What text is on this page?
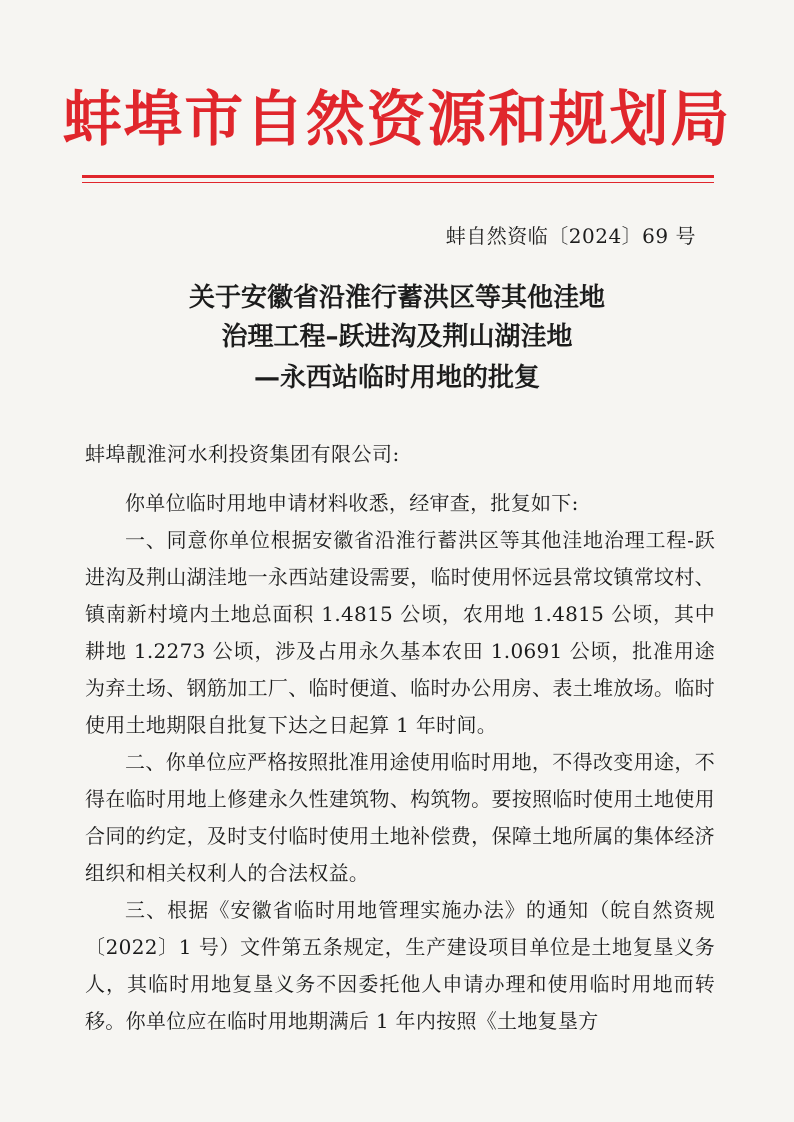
蚌埠市自然资源和规划局
蚌自然资临〔2024〕69 号
关于安徽省沿淮行蓄洪区等其他洼地
治理工程–跃进沟及荆山湖洼地
—永西站临时用地的批复
蚌埠靓淮河水利投资集团有限公司:

你单位临时用地申请材料收悉，经审查，批复如下:

一、同意你单位根据安徽省沿淮行蓄洪区等其他洼地治理工程-跃进沟及荆山湖洼地一永西站建设需要，临时使用怀远县常坟镇常坟村、镇南新村境内土地总面积 1.4815 公顷，农用地 1.4815 公顷，其中耕地 1.2273 公顷，涉及占用永久基本农田 1.0691 公顷，批准用途为弃土场、钢筋加工厂、临时便道、临时办公用房、表土堆放场。临时使用土地期限自批复下达之日起算 1 年时间。

二、你单位应严格按照批准用途使用临时用地，不得改变用途，不得在临时用地上修建永久性建筑物、构筑物。要按照临时使用土地使用合同的约定，及时支付临时使用土地补偿费，保障土地所属的集体经济组织和相关权利人的合法权益。

三、根据《安徽省临时用地管理实施办法》的通知（皖自然资规〔2022〕1 号）文件第五条规定，生产建设项目单位是土地复垦义务人，其临时用地复垦义务不因委托他人申请办理和使用临时用地而转移。你单位应在临时用地期满后 1 年内按照《土地复垦方
